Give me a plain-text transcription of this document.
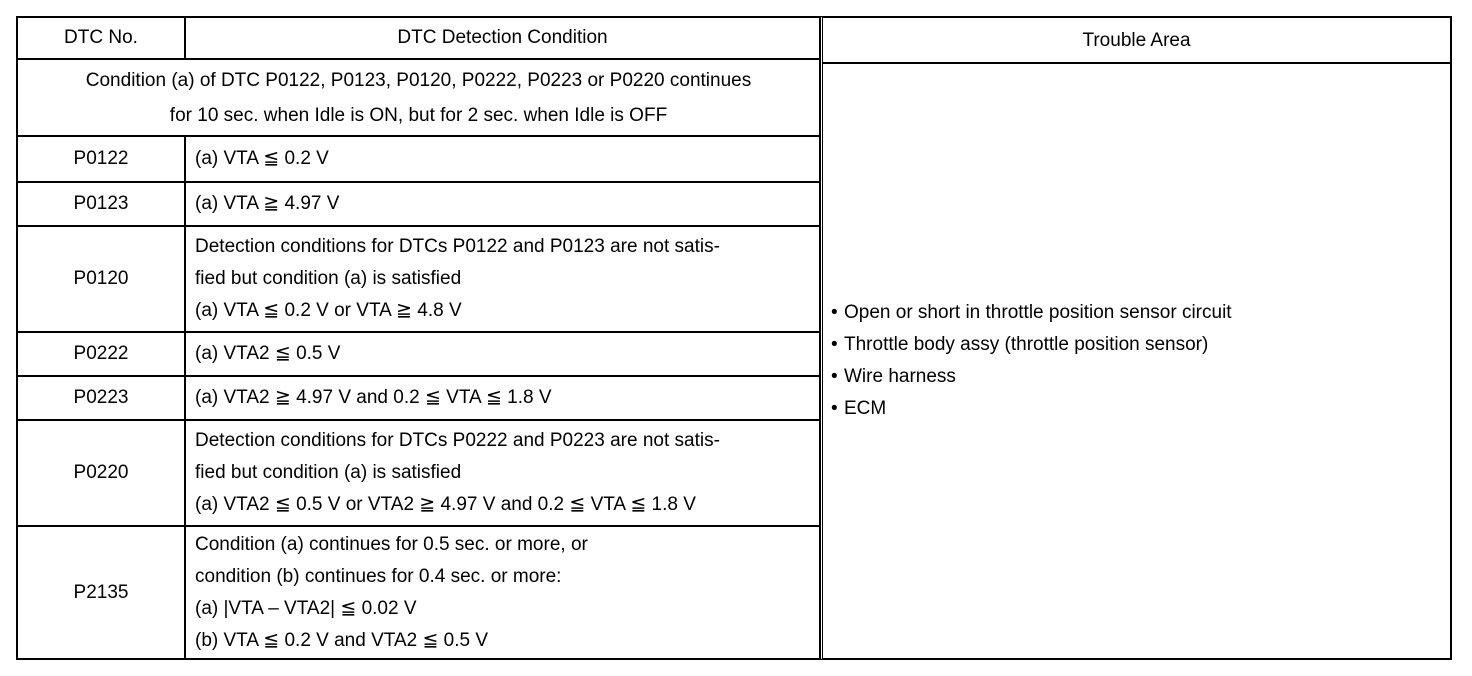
DTC No.	DTC Detection Condition

Condition (a) of DTC P0122, P0123, P0120, P0222, P0223 or P0220 continues
for 10 sec. when Idle is ON, but for 2 sec. when Idle is OFF	

P0122	(a) VTA ≦ 0.2 V

P0123	(a) VTA ≧ 4.97 V

P0120	Detection conditions for DTCs P0122 and P0123 are not satis-
fied but condition (a) is satisfied
(a) VTA ≦ 0.2 V or VTA ≧ 4.8 V

P0222	(a) VTA2 ≦ 0.5 V

P0223	(a) VTA2 ≧ 4.97 V and 0.2 ≦ VTA ≦ 1.8 V

P0220	Detection conditions for DTCs P0222 and P0223 are not satis-
fied but condition (a) is satisfied
(a) VTA2 ≦ 0.5 V or VTA2 ≧ 4.97 V and 0.2 ≦ VTA ≦ 1.8 V

P2135	Condition (a) continues for 0.5 sec. or more, or
condition (b) continues for 0.4 sec. or more:
(a) |VTA – VTA2| ≦ 0.02 V
(b) VTA ≦ 0.2 V and VTA2 ≦ 0.5 V
Trouble Area
• Open or short in throttle position sensor circuit
• Throttle body assy (throttle position sensor)
• Wire harness
• ECM
